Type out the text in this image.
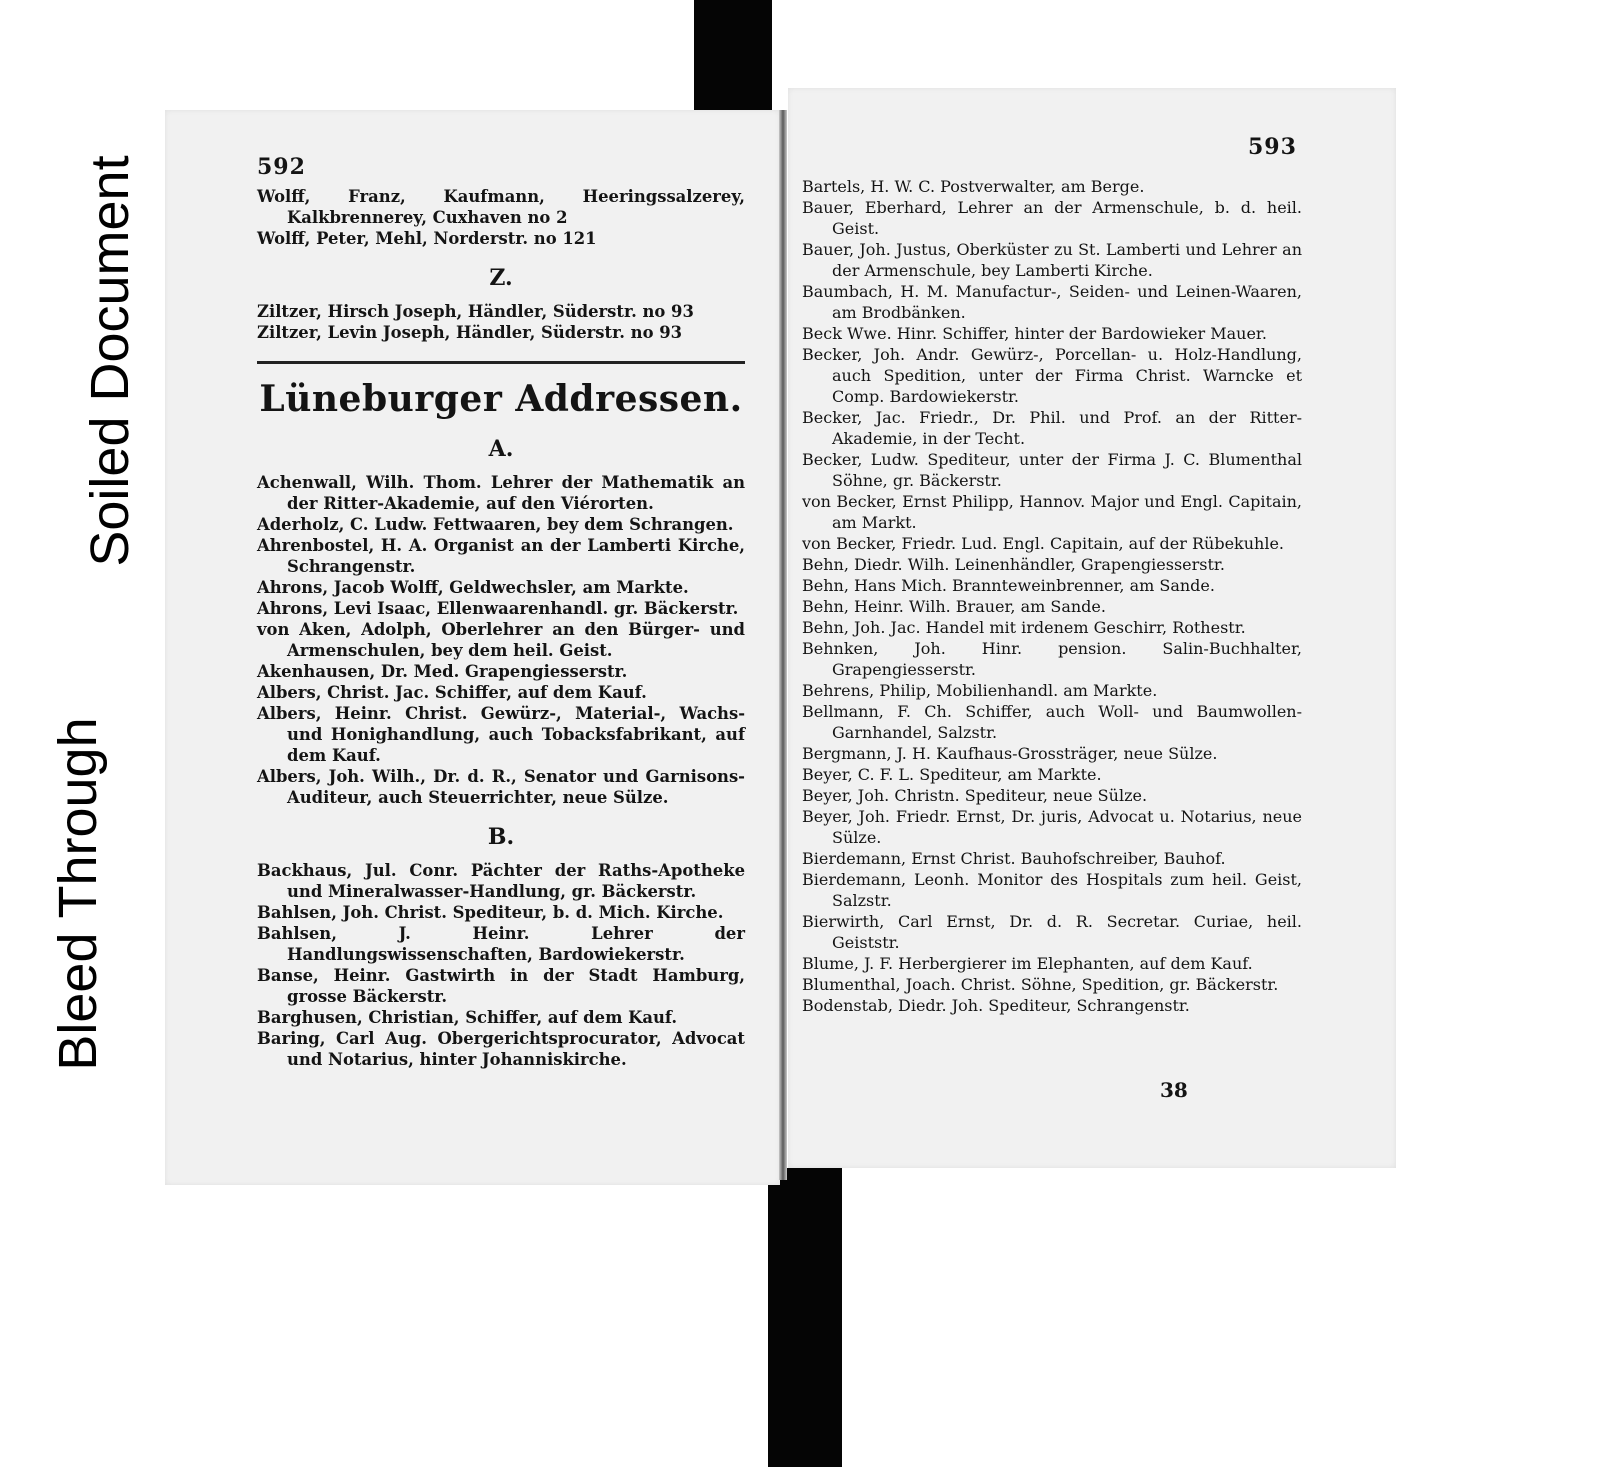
Soiled Document
Bleed Through
592

Wolff, Franz, Kaufmann, Heeringssalzerey, Kalkbrennerey, Cuxhaven no 2

Wolff, Peter, Mehl, Norderstr. no 121

Z.

Ziltzer, Hirsch Joseph, Händler, Süderstr. no 93

Ziltzer, Levin Joseph, Händler, Süderstr. no 93

Lüneburger Addressen.
A.

Achenwall, Wilh. Thom. Lehrer der Mathematik an der Ritter-Akademie, auf den Viérorten.

Aderholz, C. Ludw. Fettwaaren, bey dem Schrangen.

Ahrenbostel, H. A. Organist an der Lamberti Kirche, Schrangenstr.

Ahrons, Jacob Wolff, Geldwechsler, am Markte.

Ahrons, Levi Isaac, Ellenwaarenhandl. gr. Bäckerstr.

von Aken, Adolph, Oberlehrer an den Bürger- und Armenschulen, bey dem heil. Geist.

Akenhausen, Dr. Med. Grapengiesserstr.

Albers, Christ. Jac. Schiffer, auf dem Kauf.

Albers, Heinr. Christ. Gewürz-, Material-, Wachs- und Honighandlung, auch Tobacksfabrikant, auf dem Kauf.

Albers, Joh. Wilh., Dr. d. R., Senator und Garnisons-Auditeur, auch Steuerrichter, neue Sülze.

B.

Backhaus, Jul. Conr. Pächter der Raths-Apotheke und Mineralwasser-Handlung, gr. Bäckerstr.

Bahlsen, Joh. Christ. Spediteur, b. d. Mich. Kirche.

Bahlsen, J. Heinr. Lehrer der Handlungswissenschaften, Bardowiekerstr.

Banse, Heinr. Gastwirth in der Stadt Hamburg, grosse Bäckerstr.

Barghusen, Christian, Schiffer, auf dem Kauf.

Baring, Carl Aug. Obergerichtsprocurator, Advocat und Notarius, hinter Johanniskirche.

593

Bartels, H. W. C. Postverwalter, am Berge.

Bauer, Eberhard, Lehrer an der Armenschule, b. d. heil. Geist.

Bauer, Joh. Justus, Oberküster zu St. Lamberti und Lehrer an der Armenschule, bey Lamberti Kirche.

Baumbach, H. M. Manufactur-, Seiden- und Leinen-Waaren, am Brodbänken.

Beck Wwe. Hinr. Schiffer, hinter der Bardowieker Mauer.

Becker, Joh. Andr. Gewürz-, Porcellan- u. Holz-Handlung, auch Spedition, unter der Firma Christ. Warncke et Comp. Bardowiekerstr.

Becker, Jac. Friedr., Dr. Phil. und Prof. an der Ritter-Akademie, in der Techt.

Becker, Ludw. Spediteur, unter der Firma J. C. Blumenthal Söhne, gr. Bäckerstr.

von Becker, Ernst Philipp, Hannov. Major und Engl. Capitain, am Markt.

von Becker, Friedr. Lud. Engl. Capitain, auf der Rübekuhle.

Behn, Diedr. Wilh. Leinenhändler, Grapengiesserstr.

Behn, Hans Mich. Brannteweinbrenner, am Sande.

Behn, Heinr. Wilh. Brauer, am Sande.

Behn, Joh. Jac. Handel mit irdenem Geschirr, Rothestr.

Behnken, Joh. Hinr. pension. Salin-Buchhalter, Grapengiesserstr.

Behrens, Philip, Mobilienhandl. am Markte.

Bellmann, F. Ch. Schiffer, auch Woll- und Baumwollen-Garnhandel, Salzstr.

Bergmann, J. H. Kaufhaus-Grossträger, neue Sülze.

Beyer, C. F. L. Spediteur, am Markte.

Beyer, Joh. Christn. Spediteur, neue Sülze.

Beyer, Joh. Friedr. Ernst, Dr. juris, Advocat u. Notarius, neue Sülze.

Bierdemann, Ernst Christ. Bauhofschreiber, Bauhof.

Bierdemann, Leonh. Monitor des Hospitals zum heil. Geist, Salzstr.

Bierwirth, Carl Ernst, Dr. d. R. Secretar. Curiae, heil. Geiststr.

Blume, J. F. Herbergierer im Elephanten, auf dem Kauf.

Blumenthal, Joach. Christ. Söhne, Spedition, gr. Bäckerstr.

Bodenstab, Diedr. Joh. Spediteur, Schrangenstr.

38
